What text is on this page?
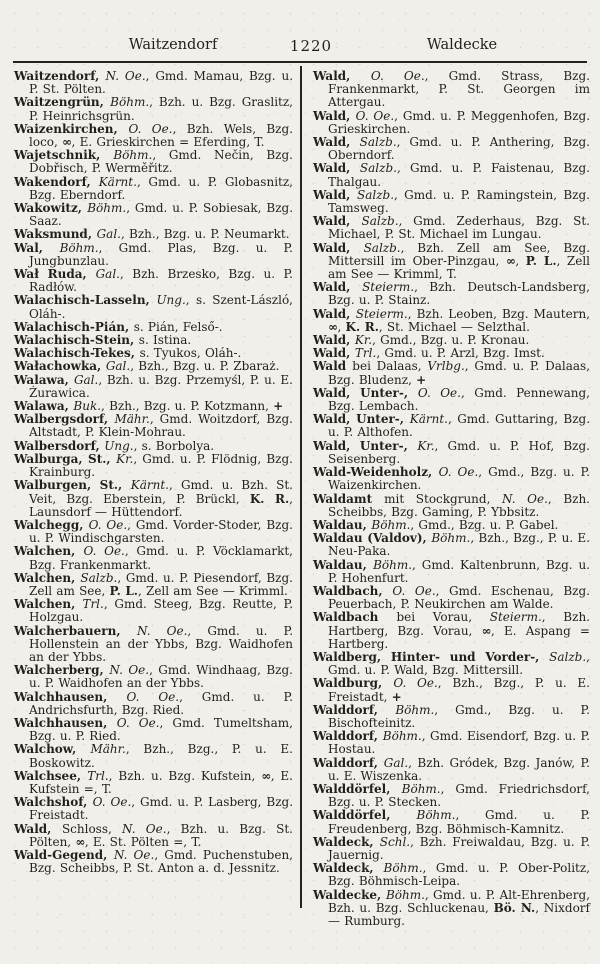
Waitzendorf	1220	Waldecke

Waitzendorf, N. Oe., Gmd. Mamau, Bzg. u. P. St. Pölten.

Waitzengrün, Böhm., Bzh. u. Bzg. Graslitz, P. Heinrichsgrün.

Waizenkirchen, O. Oe., Bzh. Wels, Bzg. loco, ∞, E. Grieskirchen = Eferding, T.

Wajetschnik, Böhm., Gmd. Nečin, Bzg. Dobřisch, P. Werměřitz.

Wakendorf, Kärnt., Gmd. u. P. Globasnitz, Bzg. Eberndorf.

Wakowitz, Böhm., Gmd. u. P. Sobiesak, Bzg. Saaz.

Waksmund, Gal., Bzh., Bzg. u. P. Neumarkt.

Wal, Böhm., Gmd. Plas, Bzg. u. P. Jungbunzlau.

Wał Ruda, Gal., Bzh. Brzesko, Bzg. u. P. Radłów.

Walachisch-Lasseln, Ung., s. Szent-László, Oláh-.

Walachisch-Pián, s. Pián, Felső-.

Walachisch-Stein, s. Istina.

Walachisch-Tekes, s. Tyukos, Oláh-.

Wałachowka, Gal., Bzh., Bzg. u. P. Zbaraż.

Walawa, Gal., Bzh. u. Bzg. Przemyśl, P. u. E. Żurawica.

Walawa, Buk., Bzh., Bzg. u. P. Kotzmann, +

Walbergsdorf, Mähr., Gmd. Woitzdorf, Bzg. Altstadt, P. Klein-Mohrau.

Walbersdorf, Ung., s. Borbolya.

Walburga, St., Kr., Gmd. u. P. Flödnig, Bzg. Krainburg.

Walburgen, St., Kärnt., Gmd. u. Bzh. St. Veit, Bzg. Eberstein, P. Brückl, K. R., Launsdorf — Hüttendorf.

Walchegg, O. Oe., Gmd. Vorder-Stoder, Bzg. u. P. Windischgarsten.

Walchen, O. Oe., Gmd. u. P. Vöcklamarkt, Bzg. Frankenmarkt.

Walchen, Salzb., Gmd. u. P. Piesendorf, Bzg. Zell am See, P. L., Zell am See — Krimml.

Walchen, Trl., Gmd. Steeg, Bzg. Reutte, P. Holzgau.

Walcherbauern, N. Oe., Gmd. u. P. Hollenstein an der Ybbs, Bzg. Waidhofen an der Ybbs.

Walcherberg, N. Oe., Gmd. Windhaag, Bzg. u. P. Waidhofen an der Ybbs.

Walchhausen, O. Oe., Gmd. u. P. Andrichsfurth, Bzg. Ried.

Walchhausen, O. Oe., Gmd. Tumeltsham, Bzg. u. P. Ried.

Walchow, Mähr., Bzh., Bzg., P. u. E. Boskowitz.

Walchsee, Trl., Bzh. u. Bzg. Kufstein, ∞, E. Kufstein =, T.

Walchshof, O. Oe., Gmd. u. P. Lasberg, Bzg. Freistadt.

Wald, Schloss, N. Oe., Bzh. u. Bzg. St. Pölten, ∞, E. St. Pölten =, T.

Wald-Gegend, N. Oe., Gmd. Puchenstuben, Bzg. Scheibbs, P. St. Anton a. d. Jessnitz.

Wald, O. Oe., Gmd. Strass, Bzg. Frankenmarkt, P. St. Georgen im Attergau.

Wald, O. Oe., Gmd. u. P. Meggenhofen, Bzg. Grieskirchen.

Wald, Salzb., Gmd. u. P. Anthering, Bzg. Oberndorf.

Wald, Salzb., Gmd. u. P. Faistenau, Bzg. Thalgau.

Wald, Salzb., Gmd. u. P. Ramingstein, Bzg. Tamsweg.

Wald, Salzb., Gmd. Zederhaus, Bzg. St. Michael, P. St. Michael im Lungau.

Wald, Salzb., Bzh. Zell am See, Bzg. Mittersill im Ober-Pinzgau, ∞, P. L., Zell am See — Krimml, T.

Wald, Steierm., Bzh. Deutsch-Landsberg, Bzg. u. P. Stainz.

Wald, Steierm., Bzh. Leoben, Bzg. Mautern, ∞, K. R., St. Michael — Selzthal.

Wald, Kr., Gmd., Bzg. u. P. Kronau.

Wald, Trl., Gmd. u. P. Arzl, Bzg. Imst.

Wald bei Dalaas, Vrlbg., Gmd. u. P. Dalaas, Bzg. Bludenz, +

Wald, Unter-, O. Oe., Gmd. Pennewang, Bzg. Lembach.

Wald, Unter-, Kärnt., Gmd. Guttaring, Bzg. u. P. Althofen.

Wald, Unter-, Kr., Gmd. u. P. Hof, Bzg. Seisenberg.

Wald-Weidenholz, O. Oe., Gmd., Bzg. u. P. Waizenkirchen.

Waldamt mit Stockgrund, N. Oe., Bzh. Scheibbs, Bzg. Gaming, P. Ybbsitz.

Waldau, Böhm., Gmd., Bzg. u. P. Gabel.

Waldau (Valdov), Böhm., Bzh., Bzg., P. u. E. Neu-Paka.

Waldau, Böhm., Gmd. Kaltenbrunn, Bzg. u. P. Hohenfurt.

Waldbach, O. Oe., Gmd. Eschenau, Bzg. Peuerbach, P. Neukirchen am Walde.

Waldbach bei Vorau, Steierm., Bzh. Hartberg, Bzg. Vorau, ∞, E. Aspang = Hartberg.

Waldberg, Hinter- und Vorder-, Salzb., Gmd. u. P. Wald, Bzg. Mittersill.

Waldburg, O. Oe., Bzh., Bzg., P. u. E. Freistadt, +

Walddorf, Böhm., Gmd., Bzg. u. P. Bischofteinitz.

Walddorf, Böhm., Gmd. Eisendorf, Bzg. u. P. Hostau.

Walddorf, Gal., Bzh. Gródek, Bzg. Janów, P. u. E. Wiszenka.

Walddörfel, Böhm., Gmd. Friedrichsdorf, Bzg. u. P. Stecken.

Walddörfel, Böhm., Gmd. u. P. Freudenberg, Bzg. Böhmisch-Kamnitz.

Waldeck, Schl., Bzh. Freiwaldau, Bzg. u. P. Jauernig.

Waldeck, Böhm., Gmd. u. P. Ober-Politz, Bzg. Böhmisch-Leipa.

Waldecke, Böhm., Gmd. u. P. Alt-Ehrenberg, Bzh. u. Bzg. Schluckenau, Bö. N., Nixdorf — Rumburg.
